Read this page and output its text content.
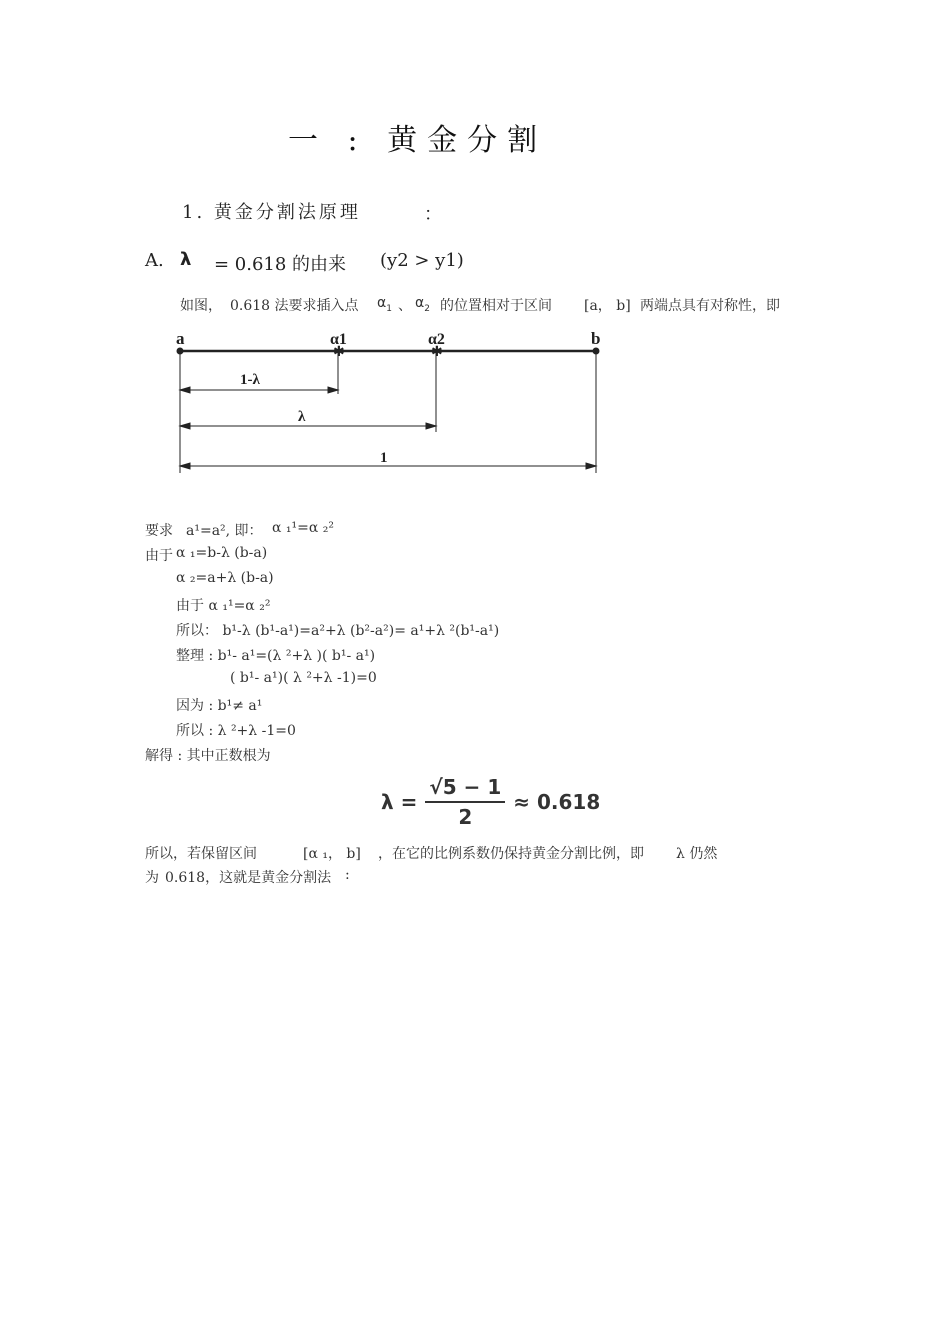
一 : 黄金分割
1. 黄金分割法原理	：
A. λ = 0.618 的由来 (y2 > y1)
如图， 0.618 法要求插入点 $\alpha_1$ 、 $\alpha_2$ 的位置相对于区间 [a， b] 两端点具有对称性，即
a	b
α1	α2
✱	✱
1-λ
λ
1
要求 a¹=a², 即： α ₁¹=α ₂²
由于 α ₁=b-λ (b-a)
α ₂=a+λ (b-a)
由于 α ₁¹=α ₂²
所以： b¹-λ (b¹-a¹)=a²+λ (b²-a²)= a¹+λ ²(b¹-a¹)
整理 : b¹- a¹=(λ ²+λ )( b¹- a¹)
( b¹- a¹)( λ ²+λ -1)=0
因为 : b¹≠ a¹
所以 : λ ²+λ -1=0
解得 : 其中正数根为
λ =	
√5 − 1
2
	≈ 0.618
所以，若保留区间	[α ₁， b] ，在它的比例系数仍保持黄金分割比例，即 λ 仍然
为 0.618，这就是黄金分割法 :
